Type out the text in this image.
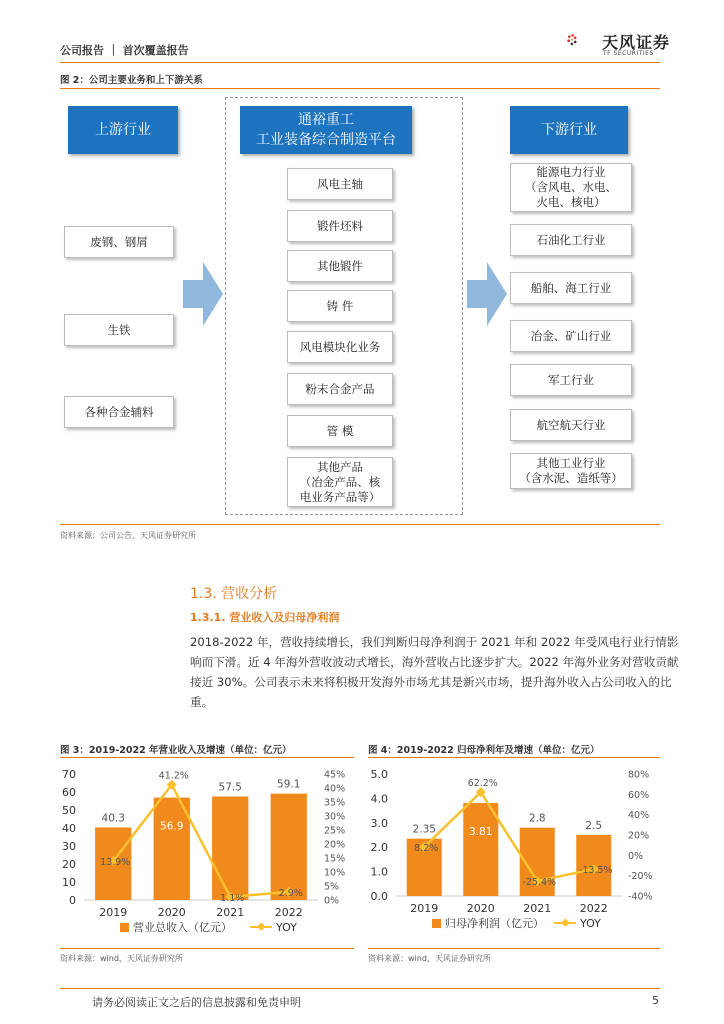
公司报告 ｜ 首次覆盖报告	天风证券
TF SECURITIES
图 2：公司主要业务和上下游关系
上游行业
废钢、钢屑
生铁
各种合金辅料
通裕重工
工业装备综合制造平台
风电主轴
锻件坯料
其他锻件
铸 件
风电模块化业务
粉末合金产品
管 模
其他产品
（冶金产品、核
电业务产品等）
下游行业
能源电力行业
（含风电、水电、
火电、核电）
石油化工行业
船舶、海工行业
冶金、矿山行业
军工行业
航空航天行业
其他工业行业
（含水泥、造纸等）
资料来源：公司公告、天风证券研究所
1.3. 营收分析
1.3.1. 营业收入及归母净利润
2018-2022 年，营收持续增长，我们判断归母净利润于 2021 年和 2022 年受风电行业行情影响而下滑。近 4 年海外营收波动式增长，海外营收占比逐步扩大。2022 年海外业务对营收贡献接近 30%。公司表示未来将积极开发海外市场尤其是新兴市场，提升海外收入占公司收入的比重。
图 3：2019-2022 年营业收入及增速（单位：亿元）
0
10
20
30
40
50
60
70
0%
5%
10%
15%
20%
25%
30%
35%
40%
45%
2019
40.3
2020
56.9
2021
57.5
2022
59.1
13.9%
41.2%
1.1%	2.9%
营业总收入（亿元）	YOY
资料来源：wind、天风证券研究所
图 4：2019-2022 归母净利年及增速（单位：亿元）
0.0
1.0
2.0
3.0
4.0
5.0
-40%
-20%
0%
20%
40%
60%
80%
2019
2.35
2020
3.81
2021
2.8
2022
2.5
8.2%
62.2%
-25.4%
-13.5%
归母净利润（亿元）	YOY
资料来源：wind、天风证券研究所
请务必阅读正文之后的信息披露和免责申明	5
